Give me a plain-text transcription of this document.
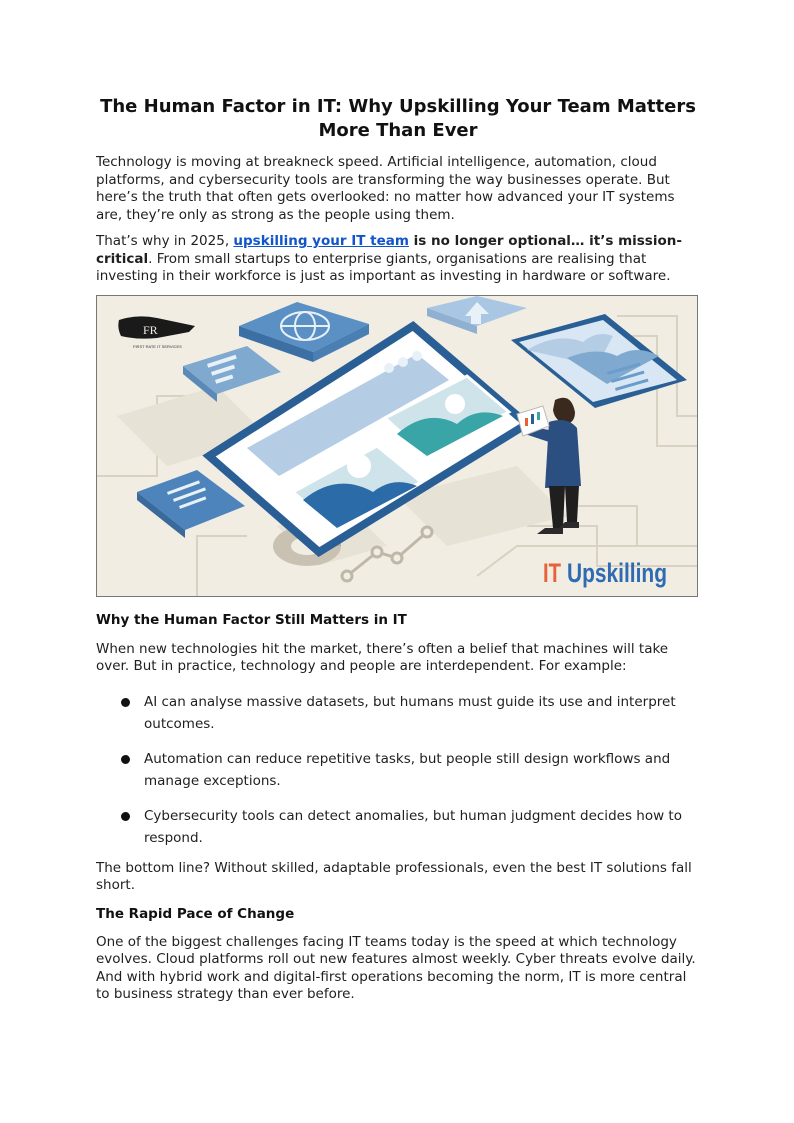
The Human Factor in IT: Why Upskilling Your Team Matters More Than Ever

Technology is moving at breakneck speed. Artificial intelligence, automation, cloud platforms, and cybersecurity tools are transforming the way businesses operate. But here’s the truth that often gets overlooked: no matter how advanced your IT systems are, they’re only as strong as the people using them.

That’s why in 2025, upskilling your IT team is no longer optional… it’s mission-critical. From small startups to enterprise giants, organisations are realising that investing in their workforce is just as important as investing in hardware or software.

FR
FIRST RATE IT SERVICES
IT Upskilling
Why the Human Factor Still Matters in IT

When new technologies hit the market, there’s often a belief that machines will take over. But in practice, technology and people are interdependent. For example:

AI can analyse massive datasets, but humans must guide its use and interpret outcomes.
Automation can reduce repetitive tasks, but people still design workflows and manage exceptions.
Cybersecurity tools can detect anomalies, but human judgment decides how to respond.

The bottom line? Without skilled, adaptable professionals, even the best IT solutions fall short.

The Rapid Pace of Change

One of the biggest challenges facing IT teams today is the speed at which technology evolves. Cloud platforms roll out new features almost weekly. Cyber threats evolve daily. And with hybrid work and digital-first operations becoming the norm, IT is more central to business strategy than ever before.
